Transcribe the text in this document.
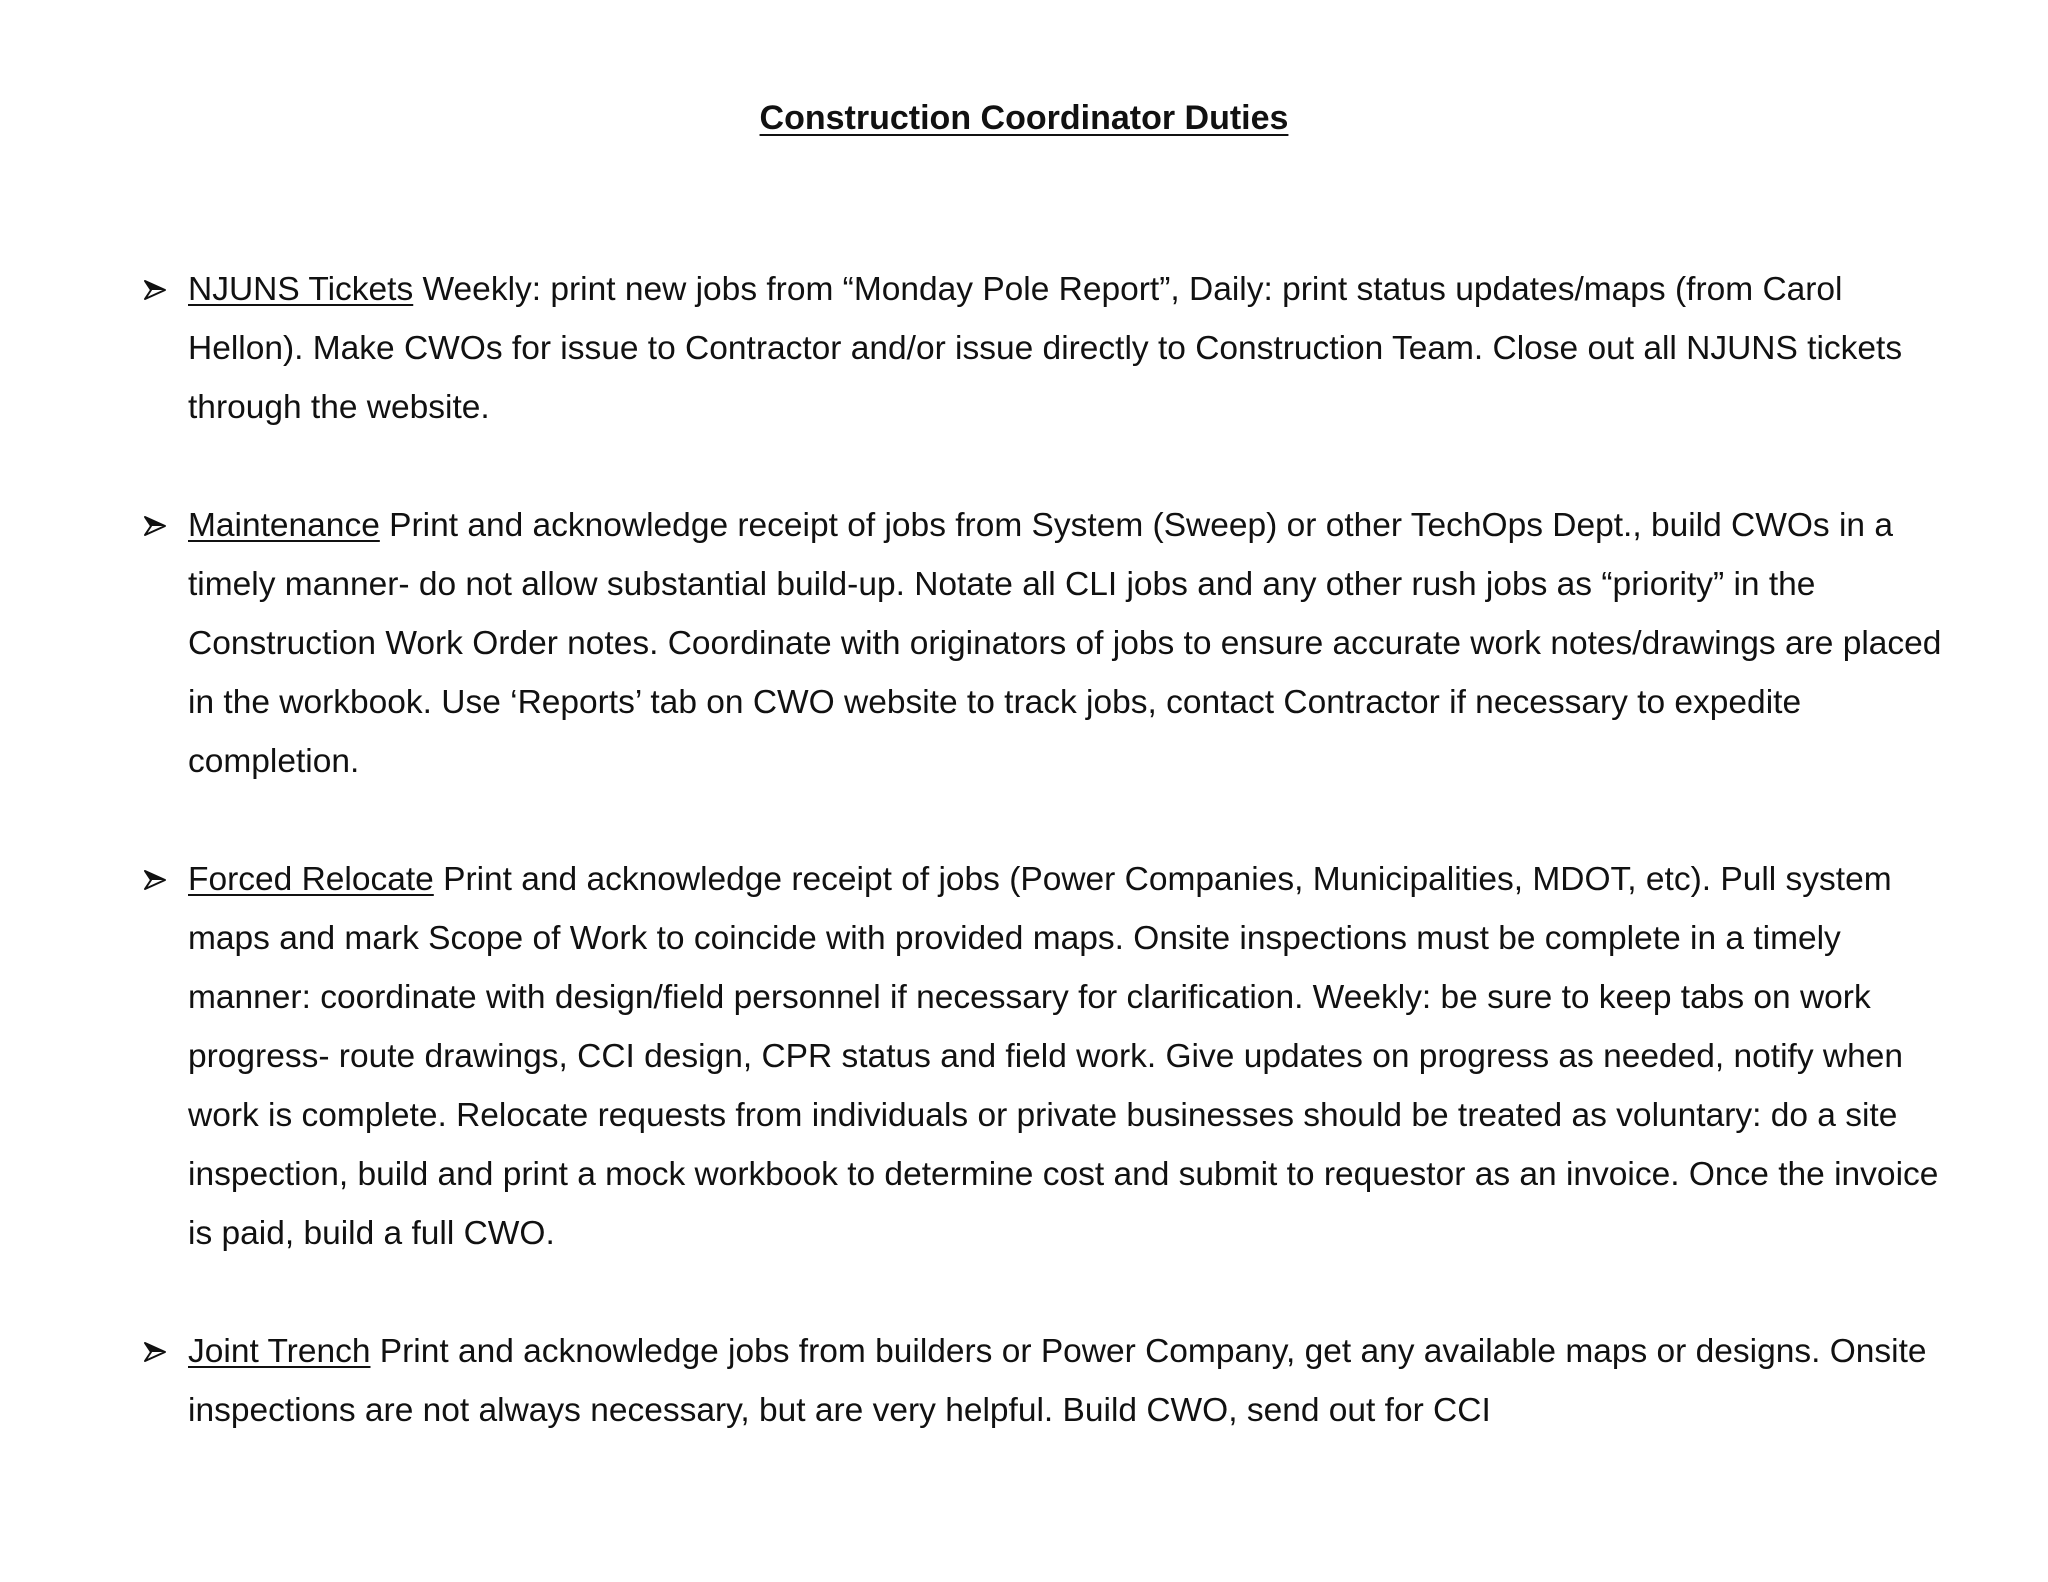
Construction Coordinator Duties
NJUNS Tickets Weekly: print new jobs from “Monday Pole Report”, Daily: print status updates/maps (from Carol Hellon). Make CWOs for issue to Contractor and/or issue directly to Construction Team. Close out all NJUNS tickets through the website.
Maintenance Print and acknowledge receipt of jobs from System (Sweep) or other TechOps Dept., build CWOs in a timely manner- do not allow substantial build-up. Notate all CLI jobs and any other rush jobs as “priority” in the Construction Work Order notes. Coordinate with originators of jobs to ensure accurate work notes/drawings are placed in the workbook. Use ‘Reports’ tab on CWO website to track jobs, contact Contractor if necessary to expedite completion.
Forced Relocate Print and acknowledge receipt of jobs (Power Companies, Municipalities, MDOT, etc). Pull system maps and mark Scope of Work to coincide with provided maps. Onsite inspections must be complete in a timely manner: coordinate with design/field personnel if necessary for clarification. Weekly: be sure to keep tabs on work progress- route drawings, CCI design, CPR status and field work. Give updates on progress as needed, notify when work is complete. Relocate requests from individuals or private businesses should be treated as voluntary: do a site inspection, build and print a mock workbook to determine cost and submit to requestor as an invoice. Once the invoice is paid, build a full CWO.
Joint Trench Print and acknowledge jobs from builders or Power Company, get any available maps or designs. Onsite inspections are not always necessary, but are very helpful. Build CWO, send out for CCI
